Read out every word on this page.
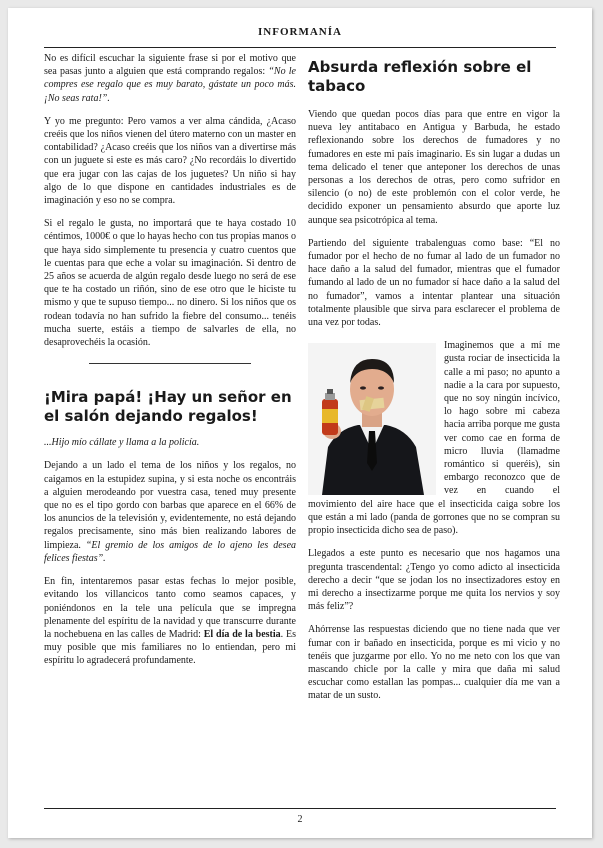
INFORMANÍA

No es difícil escuchar la siguiente frase si por el motivo que sea pasas junto a alguien que está comprando regalos: “No le compres ese regalo que es muy barato, gástate un poco más. ¡No seas rata!”.

Y yo me pregunto: Pero vamos a ver alma cándida, ¿Acaso creéis que los niños vienen del útero materno con un master en contabilidad? ¿Acaso creéis que los niños van a divertirse más con un juguete si este es más caro? ¿No recordáis lo divertido que era jugar con las cajas de los juguetes? Un niño si hay algo de lo que dispone en cantidades industriales es de imaginación y eso no se compra.

Si el regalo le gusta, no importará que te haya costado 10 céntimos, 1000€ o que lo hayas hecho con tus propias manos o que haya sido simplemente tu presencia y cuatro cuentos que le cuentas para que eche a volar su imaginación. Si dentro de 25 años se acuerda de algún regalo desde luego no será de ese que te ha costado un riñón, sino de ese otro que le hiciste tu mismo y que te supuso tiempo... no dinero. Si los niños que os rodean todavía no han sufrido la fiebre del consumo... tenéis mucha suerte, estáis a tiempo de salvarles de ella, no desaprovechéis la ocasión.

¡Mira papá! ¡Hay un señor en el salón dejando regalos!

...Hijo mío cállate y llama a la policía.

Dejando a un lado el tema de los niños y los regalos, no caigamos en la estupidez supina, y si esta noche os encontráis a alguien merodeando por vuestra casa, tened muy presente que no es el tipo gordo con barbas que aparece en el 66% de los anuncios de la televisión y, evidentemente, no está dejando regalos precisamente, sino más bien realizando labores de limpieza. “El gremio de los amigos de lo ajeno les desea felices fiestas”.

En fin, intentaremos pasar estas fechas lo mejor posible, evitando los villancicos tanto como seamos capaces, y poniéndonos en la tele una película que se impregna plenamente del espíritu de la navidad y que transcurre durante la nochebuena en las calles de Madrid: El día de la bestia. Es muy posible que mis familiares no lo entiendan, pero mi espíritu lo agradecerá profundamente.

Absurda reflexión sobre el tabaco

Viendo que quedan pocos días para que entre en vigor la nueva ley antitabaco en Antigua y Barbuda, he estado reflexionando sobre los derechos de fumadores y no fumadores en este mi país imaginario. Es sin lugar a dudas un tema delicado el tener que anteponer los derechos de unas personas a los derechos de otras, pero como sufridor en silencio (o no) de este problemón con el color verde, he decidido exponer un pensamiento absurdo que aporte luz aunque sea psicotrópica al tema.

Partiendo del siguiente trabalenguas como base: “El no fumador por el hecho de no fumar al lado de un fumador no hace daño a la salud del fumador, mientras que el fumador fumando al lado de un no fumador sí hace daño a la salud del no fumador”, vamos a intentar plantear una situación totalmente plausible que sirva para esclarecer el problema de una vez por todas.

Imaginemos que a mí me gusta rociar de insecticida la calle a mi paso; no apunto a nadie a la cara por supuesto, que no soy ningún incívico, lo hago sobre mi cabeza hacia arriba porque me gusta ver como cae en forma de micro lluvia (llamadme romántico si queréis), sin embargo reconozco que de vez en cuando el movimiento del aire hace que el insecticida caiga sobre los que están a mi lado (panda de gorrones que no se compran su propio insecticida dicho sea de paso).

Llegados a este punto es necesario que nos hagamos una pregunta trascendental: ¿Tengo yo como adicto al insecticida derecho a decir “que se jodan los no insectizadores estoy en mi derecho a insectizarme porque me quita los nervios y soy más feliz”?

Ahórrense las respuestas diciendo que no tiene nada que ver fumar con ir bañado en insecticida, porque es mi vicio y no tenéis que juzgarme por ello. Yo no me neto con los que van mascando chicle por la calle y mira que daña mi salud escuchar como estallan las pompas... cualquier día me van a matar de un susto.

2
